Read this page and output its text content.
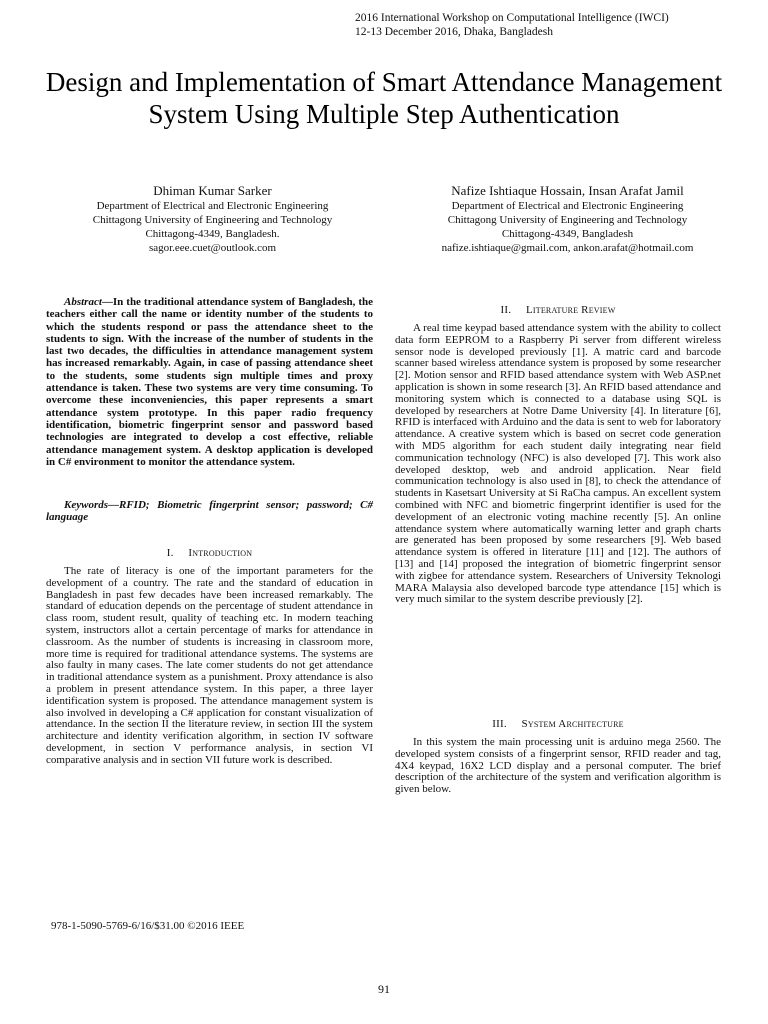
2016 International Workshop on Computational Intelligence (IWCI)
12-13 December 2016, Dhaka, Bangladesh
Design and Implementation of Smart Attendance Management System Using Multiple Step Authentication
Dhiman Kumar Sarker
Department of Electrical and Electronic Engineering
Chittagong University of Engineering and Technology
Chittagong-4349, Bangladesh.
sagor.eee.cuet@outlook.com
Nafize Ishtiaque Hossain, Insan Arafat Jamil
Department of Electrical and Electronic Engineering
Chittagong University of Engineering and Technology
Chittagong-4349, Bangladesh
nafize.ishtiaque@gmail.com, ankon.arafat@hotmail.com
Abstract—In the traditional attendance system of Bangladesh, the teachers either call the name or identity number of the students to which the students respond or pass the attendance sheet to the students to sign. With the increase of the number of students in the last two decades, the difficulties in attendance management system has increased remarkably. Again, in case of passing attendance sheet to the students, some students sign multiple times and proxy attendance is taken. These two systems are very time consuming. To overcome these inconveniencies, this paper represents a smart attendance system prototype. In this paper radio frequency identification, biometric fingerprint sensor and password based technologies are integrated to develop a cost effective, reliable attendance management system. A desktop application is developed in C# environment to monitor the attendance system.
Keywords—RFID; Biometric fingerprint sensor; password; C# language
I. Introduction

The rate of literacy is one of the important parameters for the development of a country. The rate and the standard of education in Bangladesh in past few decades have been increased remarkably. The standard of education depends on the percentage of student attendance in class room, student result, quality of teaching etc. In modern teaching system, instructors allot a certain percentage of marks for attendance in classroom. As the number of students is increasing in classroom more, more time is required for traditional attendance systems. The systems are also faulty in many cases. The late comer students do not get attendance in traditional attendance system as a punishment. Proxy attendance is also a problem in present attendance system. In this paper, a three layer identification system is proposed. The attendance management system is also involved in developing a C# application for constant visualization of attendance. In the section II the literature review, in section III the system architecture and identity verification algorithm, in section IV software development, in section V performance analysis, in section VI comparative analysis and in section VII future work is described.

II. Literature Review

A real time keypad based attendance system with the ability to collect data form EEPROM to a Raspberry Pi server from different wireless sensor node is developed previously [1]. A matric card and barcode scanner based wireless attendance system is proposed by some researcher [2]. Motion sensor and RFID based attendance system with Web ASP.net application is shown in some research [3]. An RFID based attendance and monitoring system which is connected to a database using SQL is developed by researchers at Notre Dame University [4]. In literature [6], RFID is interfaced with Arduino and the data is sent to web for laboratory attendance. A creative system which is based on secret code generation with MD5 algorithm for each student daily integrating near field communication technology (NFC) is also developed [7]. This work also developed desktop, web and android application. Near field communication technology is also used in [8], to check the attendance of students in Kasetsart University at Si RaCha campus. An excellent system combined with NFC and biometric fingerprint identifier is used for the development of an electronic voting machine recently [5]. An online attendance system where automatically warning letter and graph charts are generated has been proposed by some researchers [9]. Web based attendance system is offered in literature [11] and [12]. The authors of [13] and [14] proposed the integration of biometric fingerprint sensor with zigbee for attendance system. Researchers of University Teknologi MARA Malaysia also developed barcode type attendance [15] which is very much similar to the system describe previously [2].

III. System Architecture

In this system the main processing unit is arduino mega 2560. The developed system consists of a fingerprint sensor, RFID reader and tag, 4X4 keypad, 16X2 LCD display and a personal computer. The brief description of the architecture of the system and verification algorithm is given below.

978-1-5090-5769-6/16/$31.00 ©2016 IEEE
91
